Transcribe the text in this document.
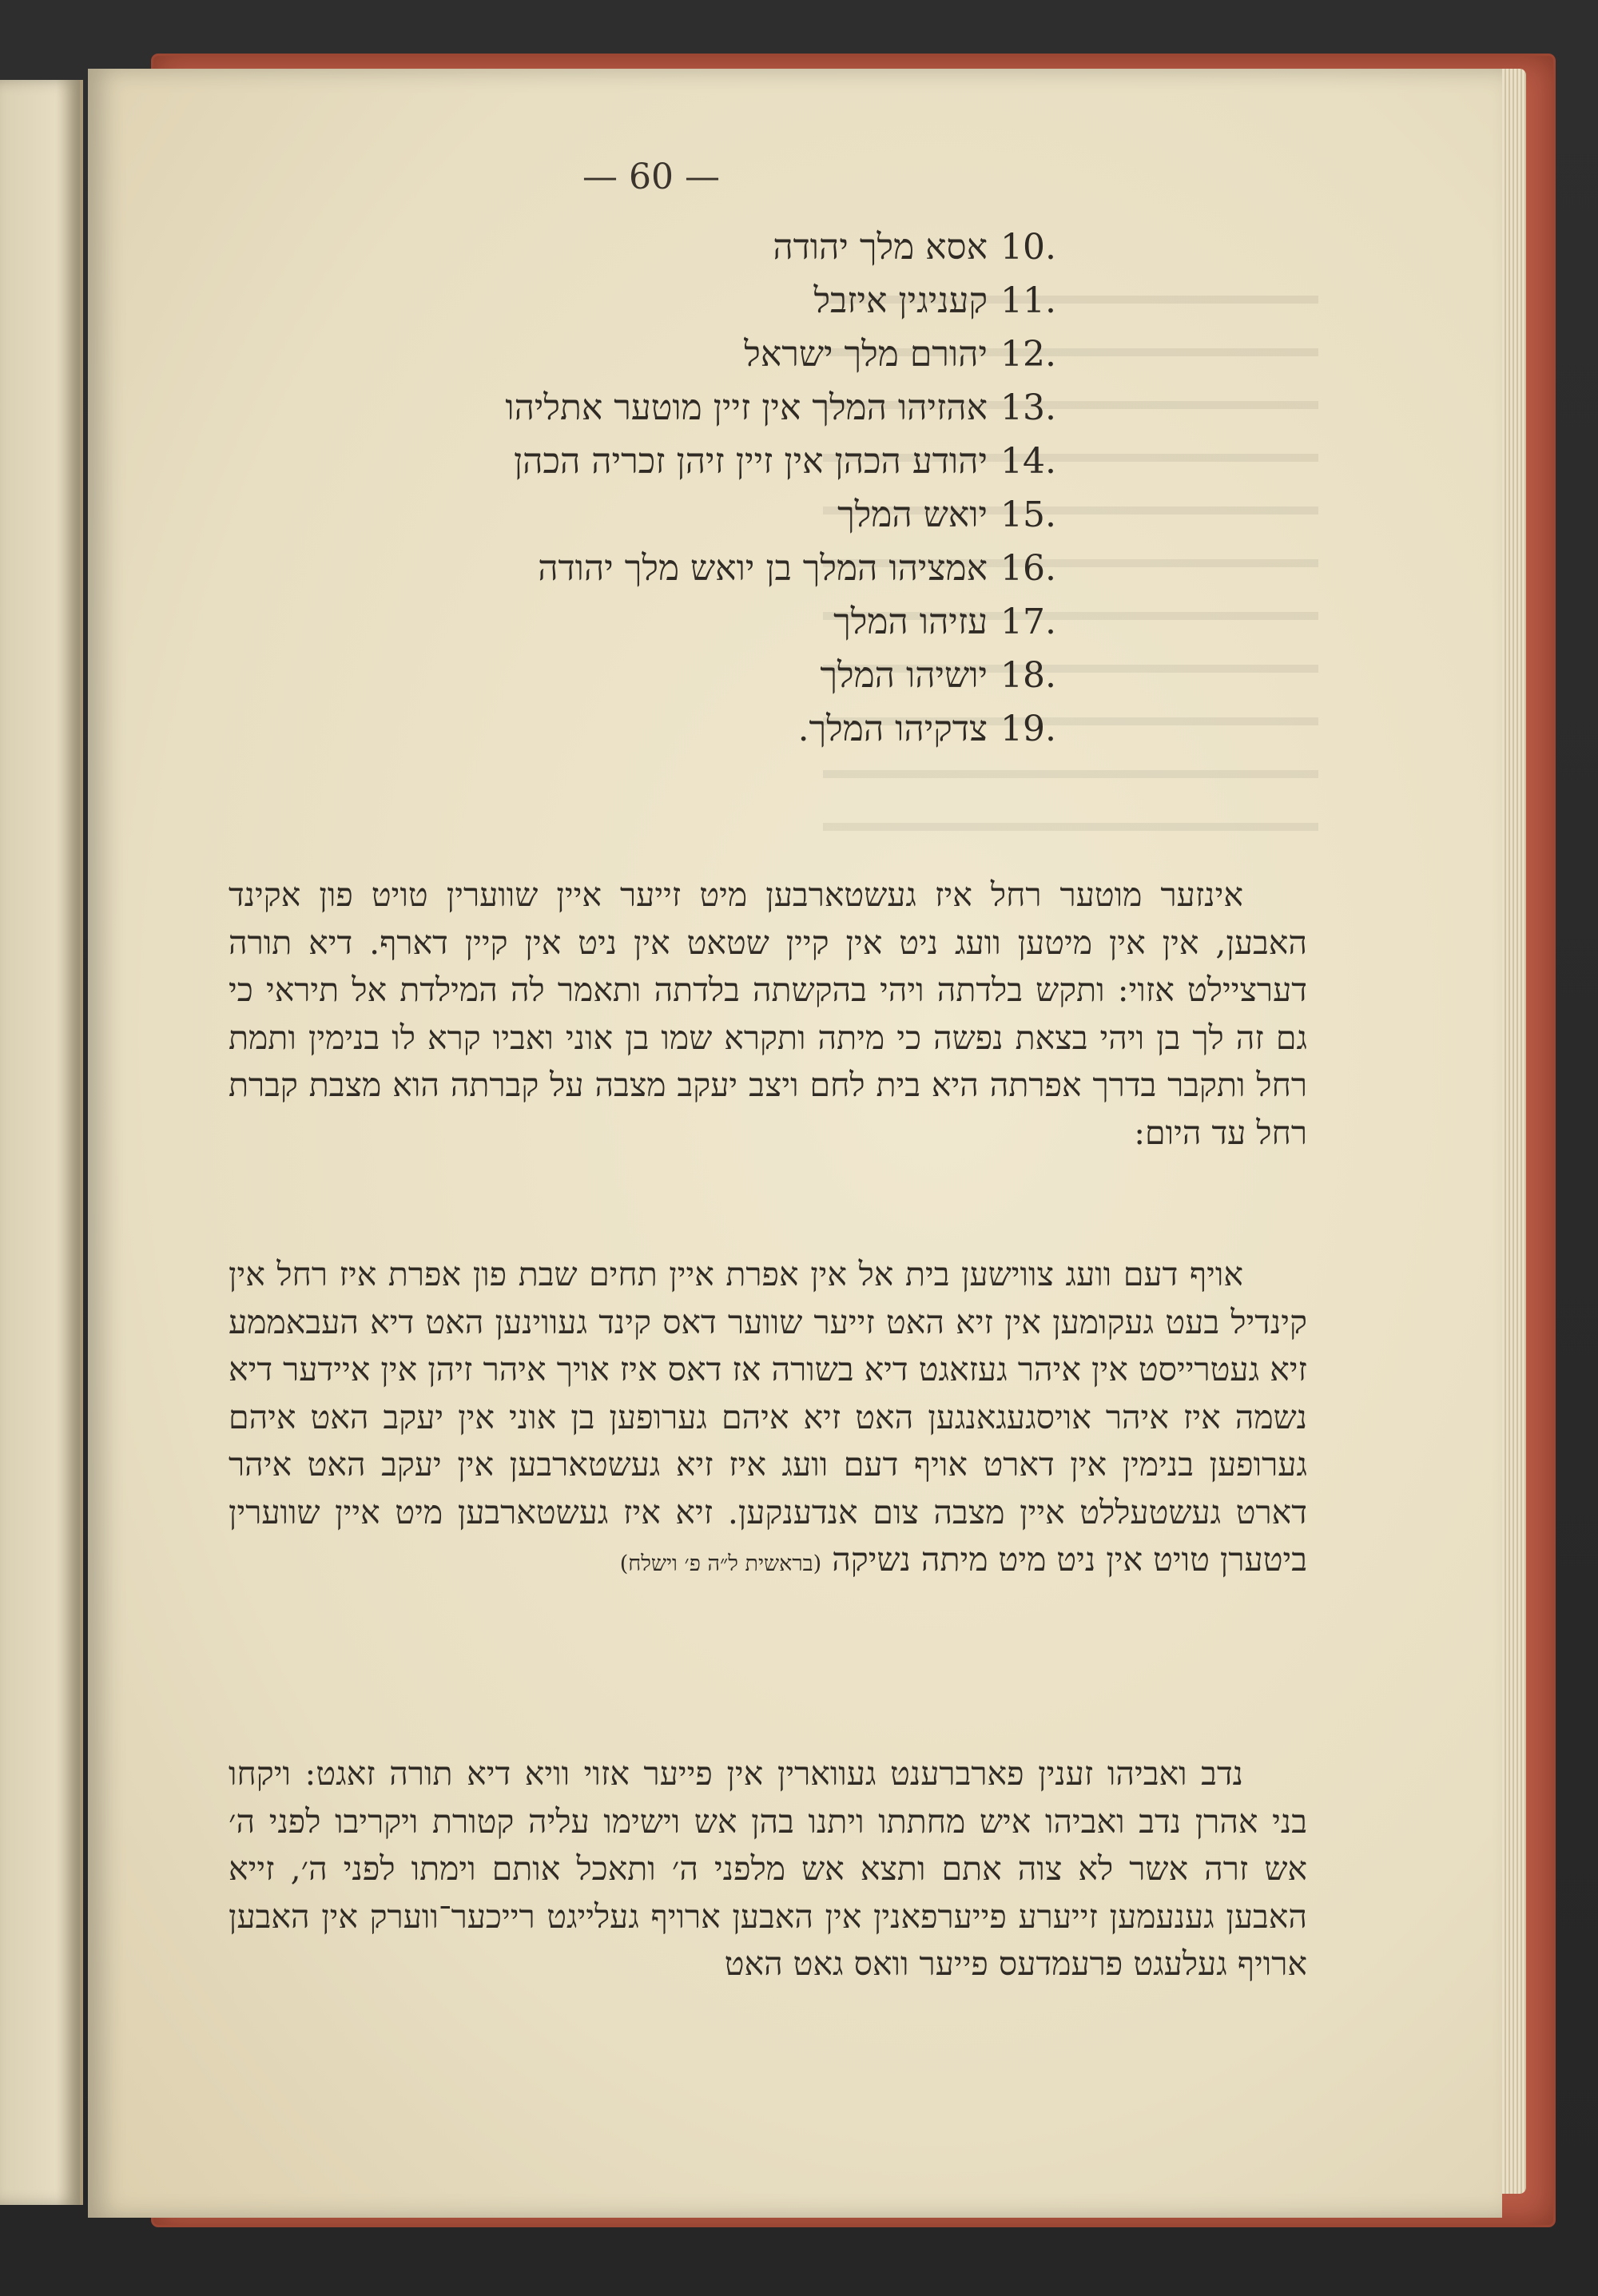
— 60 —
אסא מלך יהודה 10.
קעניגין איזבל 11.
יהורם מלך ישראל 12.
אהזיהו המלך אין זיין מוטער אתליהו 13.
יהודע הכהן אין זיין זיהן זכריה הכהן 14.
יואש המלך 15.
אמציהו המלך בן יואש מלך יהודה 16.
עזיהו המלך 17.
יושיהו המלך 18.
צדקיהו המלך. 19.
אינזער מוטער רחל איז געשטארבען מיט זייער איין שווערין טויט פון אקינד האבען, אין אין מיטען וועג ניט אין קיין שטאט אין ניט אין קיין דארף. דיא תורה דערציילט אזוי: ותקש בלדתה ויהי בהקשתה בלדתה ותאמר לה המילדת אל תיראי כי גם זה לך בן ויהי בצאת נפשה כי מיתה ותקרא שמו בן אוני ואביו קרא לו בנימין ותמת רחל ותקבר בדרך אפרתה היא בית לחם ויצב יעקב מצבה על קברתה הוא מצבת קברת רחל עד היום:
אויף דעם וועג צווישען בית אל אין אפרת איין תחים שבת פון אפרת איז רחל אין קינדיל בעט געקומען אין זיא האט זייער שווער דאס קינד געווינען האט דיא העבאממע זיא געטרייסט אין איהר געזאגט דיא בשורה אז דאס איז אויך איהר זיהן אין איידער דיא נשמה איז איהר אויסגעגאנגען האט זיא איהם גערופען בן אוני אין יעקב האט איהם גערופען בנימין אין דארט אויף דעם וועג איז זיא געשטארבען אין יעקב האט איהר דארט געשטעללט איין מצבה צום אנדענקען. זיא איז געשטארבען מיט איין שווערין ביטערן טויט אין ניט מיט מיתה נשיקה (בראשית ל״ה פ׳ וישלח)
נדב ואביהו זענין פארברענט געווארין אין פייער אזוי וויא דיא תורה זאגט: ויקחו בני אהרן נדב ואביהו איש מחתתו ויתנו בהן אש וישימו עליה קטורת ויקריבו לפני ה׳ אש זרה אשר לא צוה אתם ותצא אש מלפני ה׳ ותאכל אותם וימתו לפני ה׳, זייא האבען גענעמען זייערע פייערפאנין אין האבען ארויף געלייגט רייכער־ווערק אין האבען ארויף געלעגט פרעמדעס פייער וואס גאט האט
